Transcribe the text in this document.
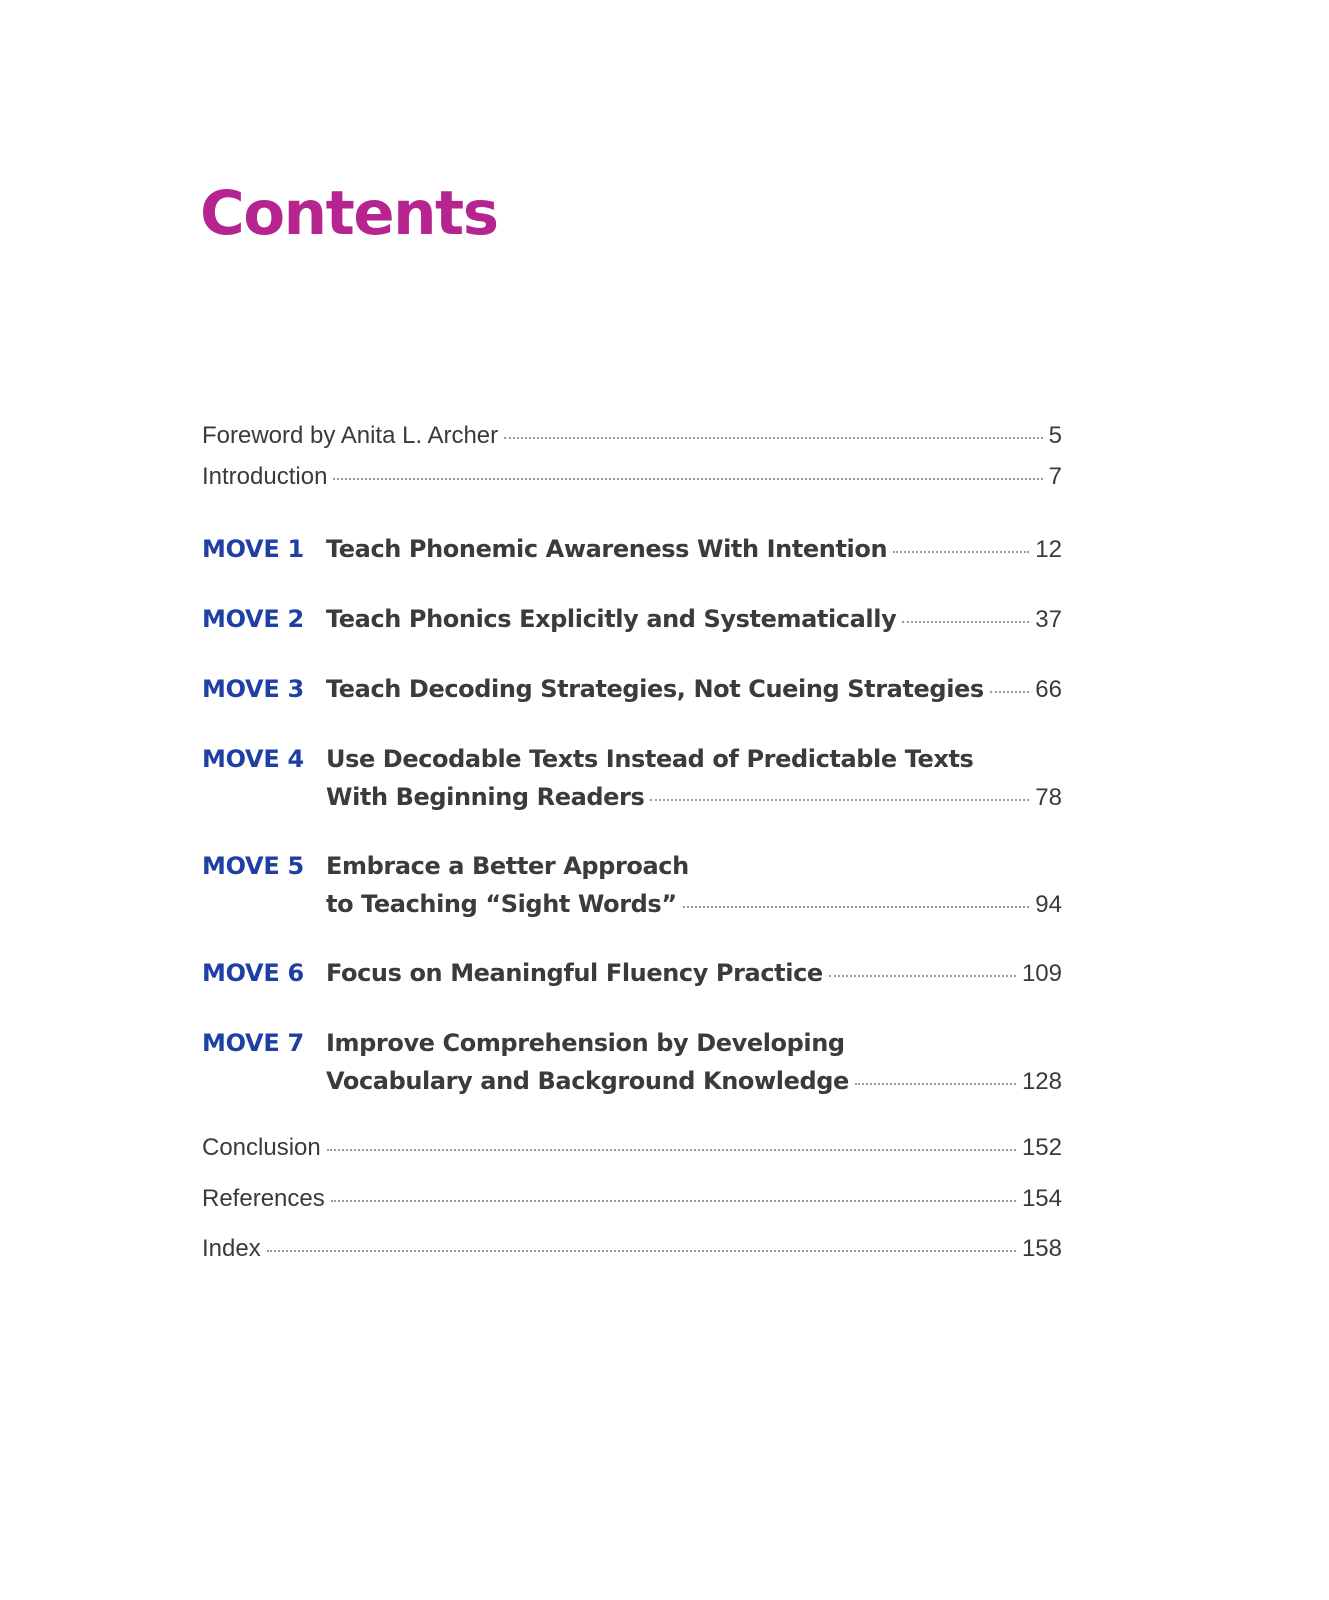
Contents
Foreword by Anita L. Archer	5
Introduction	7
MOVE 1 Teach Phonemic Awareness With Intention	12
MOVE 2 Teach Phonics Explicitly and Systematically	37
MOVE 3 Teach Decoding Strategies, Not Cueing Strategies 66
MOVE 4 Use Decodable Texts Instead of Predictable Texts
With Beginning Readers	78
MOVE 5 Embrace a Better Approach
to Teaching “Sight Words”	94
MOVE 6 Focus on Meaningful Fluency Practice	109
MOVE 7 Improve Comprehension by Developing
Vocabulary and Background Knowledge	128
Conclusion	152
References	154
Index	158
